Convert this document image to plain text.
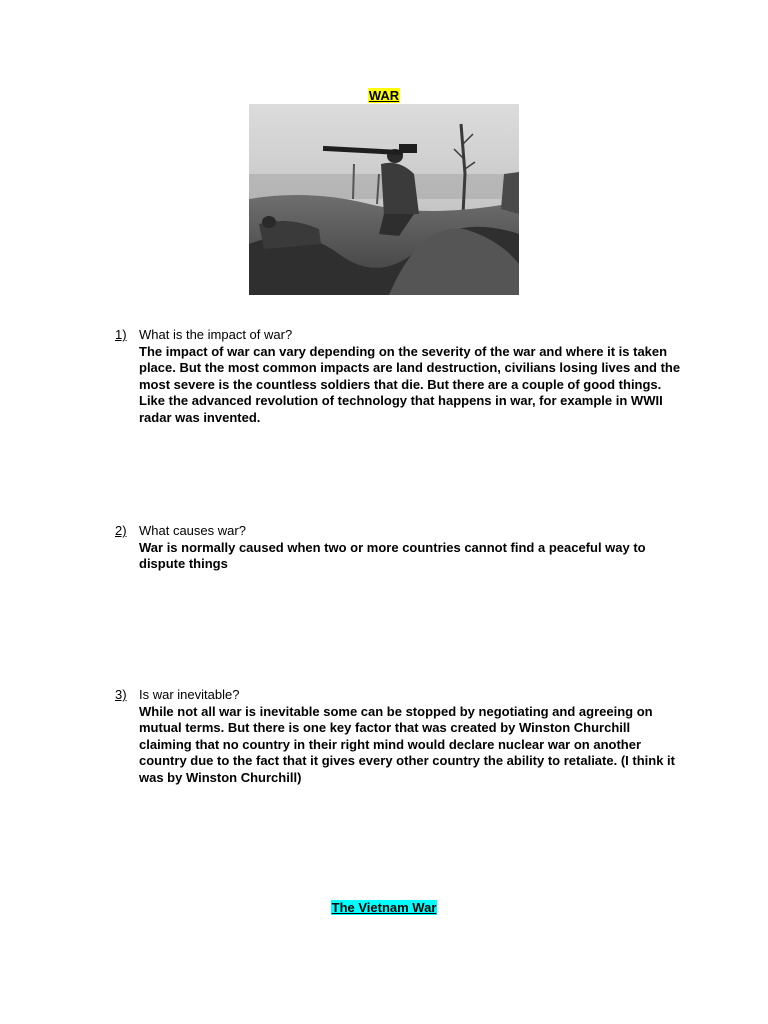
WAR
1) What is the impact of war?
The impact of war can vary depending on the severity of the war and where it is taken place. But the most common impacts are land destruction, civilians losing lives and the most severe is the countless soldiers that die. But there are a couple of good things. Like the advanced revolution of technology that happens in war, for example in WWII radar was invented.
2) What causes war?
War is normally caused when two or more countries cannot find a peaceful way to dispute things
3) Is war inevitable?
While not all war is inevitable some can be stopped by negotiating and agreeing on mutual terms. But there is one key factor that was created by Winston Churchill claiming that no country in their right mind would declare nuclear war on another country due to the fact that it gives every other country the ability to retaliate. (I think it was by Winston Churchill)
The Vietnam War
